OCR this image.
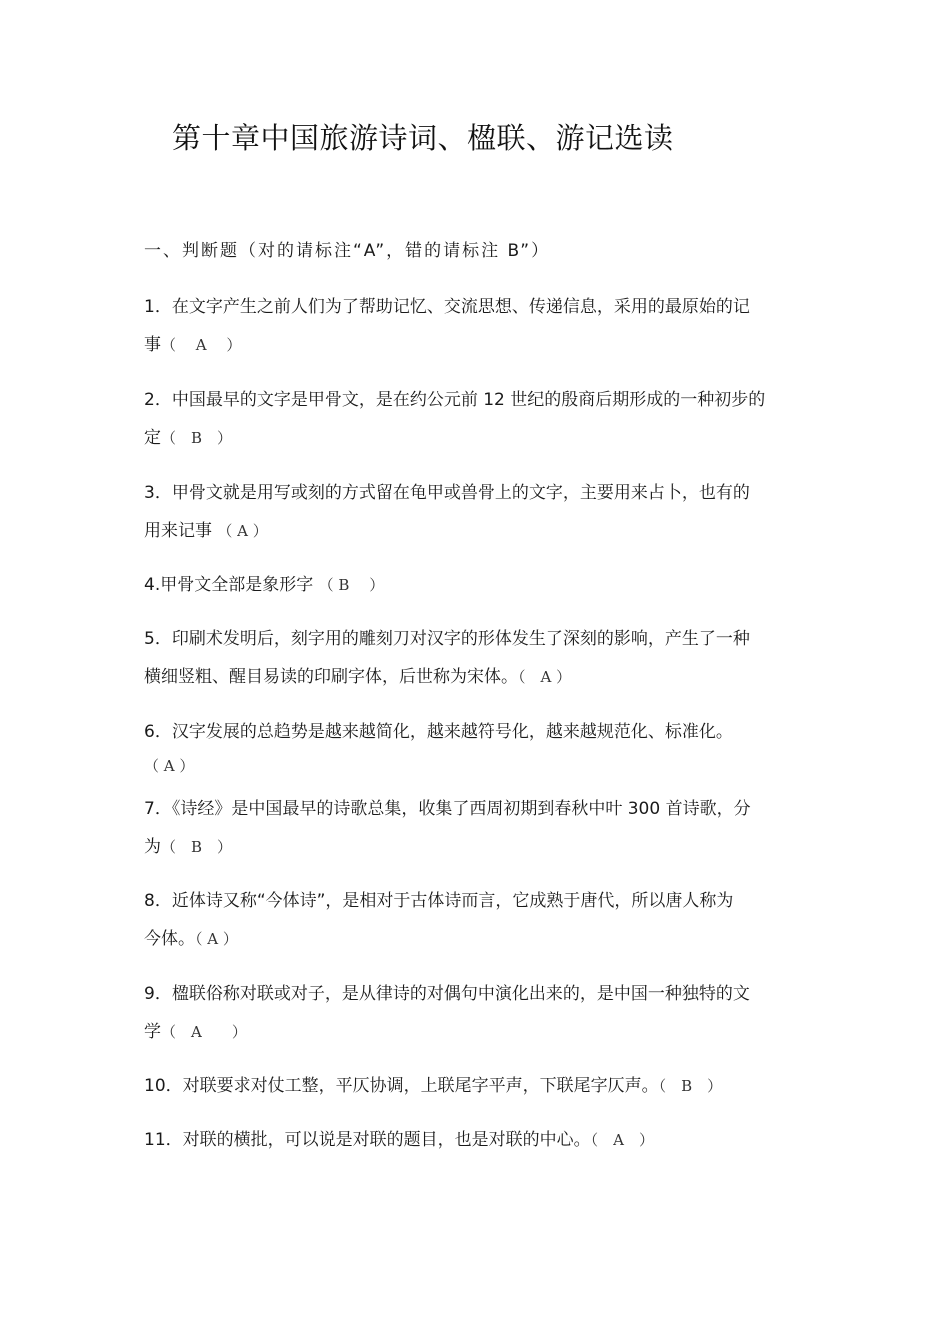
第十章中国旅游诗词、楹联、游记选读
一、判断题（对的请标注“A”，错的请标注 B”）
1．在文字产生之前人们为了帮助记忆、交流思想、传递信息，采用的最原始的记
事（　 A　 ）
2．中国最早的文字是甲骨文，是在约公元前 12 世纪的殷商后期形成的一种初步的
定（　B　）
3．甲骨文就是用写或刻的方式留在龟甲或兽骨上的文字，主要用来占卜，也有的
用来记事 （ A ）
4.甲骨文全部是象形字 （ B　 ）
5．印刷术发明后，刻字用的雕刻刀对汉字的形体发生了深刻的影响，产生了一种
横细竖粗、醒目易读的印刷字体，后世称为宋体。（　A ）
6．汉字发展的总趋势是越来越简化，越来越符号化，越来越规范化、标准化。
（ A ）
7．《诗经》是中国最早的诗歌总集，收集了西周初期到春秋中叶 300 首诗歌，分
为（　B　）
8．近体诗又称“今体诗”，是相对于古体诗而言，它成熟于唐代，所以唐人称为
今体。（ A ）
9．楹联俗称对联或对子，是从律诗的对偶句中演化出来的，是中国一种独特的文
学（　A　　）
10．对联要求对仗工整，平仄协调，上联尾字平声，下联尾字仄声。（　B　）
11．对联的横批，可以说是对联的题目，也是对联的中心。（　A　）
